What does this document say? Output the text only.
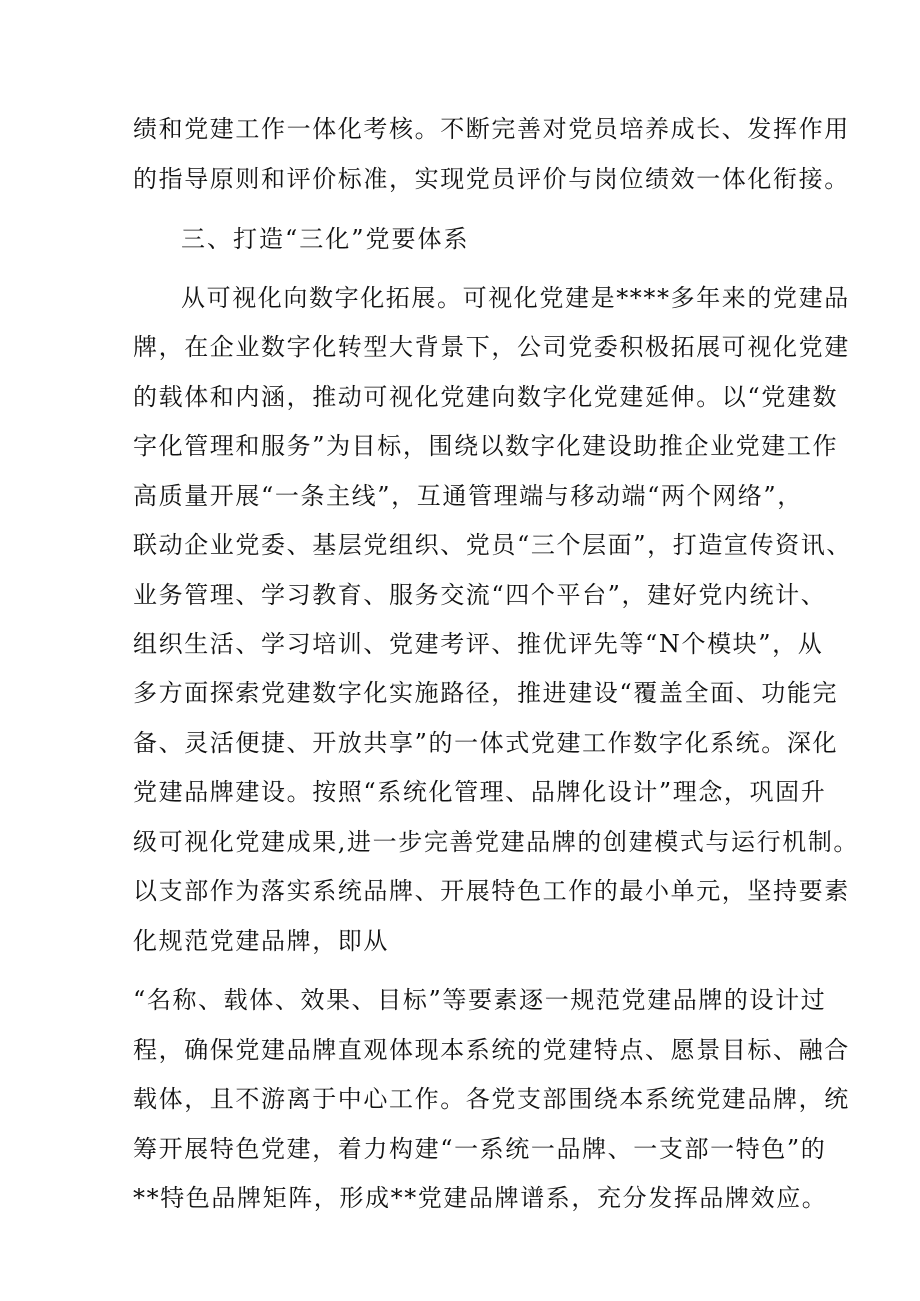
绩和党建工作一体化考核。不断完善对党员培养成长、发挥作用
的指导原则和评价标准，实现党员评价与岗位绩效一体化衔接。
三、打造“三化”党要体系
从可视化向数字化拓展。可视化党建是****多年来的党建品
牌，在企业数字化转型大背景下，公司党委积极拓展可视化党建
的载体和内涵，推动可视化党建向数字化党建延伸。以“党建数
字化管理和服务”为目标，围绕以数字化建设助推企业党建工作
高质量开展“一条主线”，互通管理端与移动端“两个网络”，
联动企业党委、基层党组织、党员“三个层面”，打造宣传资讯、
业务管理、学习教育、服务交流“四个平台”，建好党内统计、
组织生活、学习培训、党建考评、推优评先等“N个模块”，从
多方面探索党建数字化实施路径，推进建设“覆盖全面、功能完
备、灵活便捷、开放共享”的一体式党建工作数字化系统。深化
党建品牌建设。按照“系统化管理、品牌化设计”理念，巩固升
级可视化党建成果,进一步完善党建品牌的创建模式与运行机制。
以支部作为落实系统品牌、开展特色工作的最小单元，坚持要素
化规范党建品牌，即从
“名称、载体、效果、目标”等要素逐一规范党建品牌的设计过
程，确保党建品牌直观体现本系统的党建特点、愿景目标、融合
载体，且不游离于中心工作。各党支部围绕本系统党建品牌，统
筹开展特色党建，着力构建“一系统一品牌、一支部一特色”的
**特色品牌矩阵，形成**党建品牌谱系，充分发挥品牌效应。
